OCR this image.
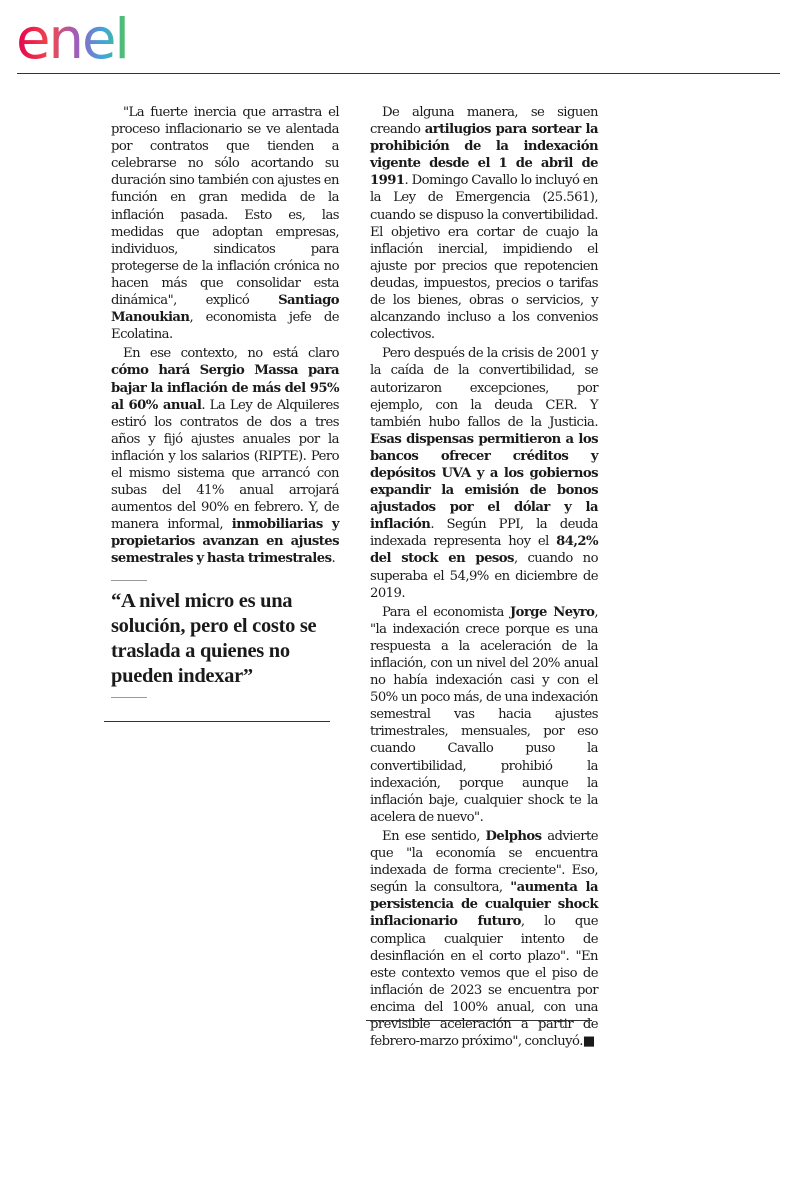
enel

"La fuerte inercia que arrastra el proceso inflacionario se ve alentada por contratos que tienden a celebrarse no sólo acortando su duración sino también con ajustes en función en gran medida de la inflación pasada. Esto es, las medidas que adoptan empresas, individuos, sindicatos para protegerse de la inflación crónica no hacen más que consolidar esta dinámica", explicó Santiago Manoukian, economista jefe de Ecolatina.

En ese contexto, no está claro cómo hará Sergio Massa para bajar la inflación de más del 95% al 60% anual. La Ley de Alquileres estiró los contratos de dos a tres años y fijó ajustes anuales por la inflación y los salarios (RIPTE). Pero el mismo sistema que arrancó con subas del 41% anual arrojará aumentos del 90% en febrero. Y, de manera informal, inmobiliarias y propietarios avanzan en ajustes semestrales y hasta trimestrales.

“A nivel micro es una solución, pero el costo se traslada a quienes no pueden indexar”

De alguna manera, se siguen creando artilugios para sortear la prohibición de la indexación vigente desde el 1 de abril de 1991. Domingo Cavallo lo incluyó en la Ley de Emergencia (25.561), cuando se dispuso la convertibilidad. El objetivo era cortar de cuajo la inflación inercial, impidiendo el ajuste por precios que repotencien deudas, impuestos, precios o tarifas de los bienes, obras o servicios, y alcanzando incluso a los convenios colectivos.

Pero después de la crisis de 2001 y la caída de la convertibilidad, se autorizaron excepciones, por ejemplo, con la deuda CER. Y también hubo fallos de la Justicia. Esas dispensas permitieron a los bancos ofrecer créditos y depósitos UVA y a los gobiernos expandir la emisión de bonos ajustados por el dólar y la inflación. Según PPI, la deuda indexada representa hoy el 84,2% del stock en pesos, cuando no superaba el 54,9% en diciembre de 2019.

Para el economista Jorge Neyro, "la indexación crece porque es una respuesta a la aceleración de la inflación, con un nivel del 20% anual no había indexación casi y con el 50% un poco más, de una indexación semestral vas hacia ajustes trimestrales, mensuales, por eso cuando Cavallo puso la convertibilidad, prohibió la indexación, porque aunque la inflación baje, cualquier shock te la acelera de nuevo".

En ese sentido, Delphos advierte que "la economía se encuentra indexada de forma creciente". Eso, según la consultora, "aumenta la persistencia de cualquier shock inflacionario futuro, lo que complica cualquier intento de desinflación en el corto plazo". "En este contexto vemos que el piso de inflación de 2023 se encuentra por encima del 100% anual, con una previsible aceleración a partir de febrero-marzo próximo", concluyó.■
